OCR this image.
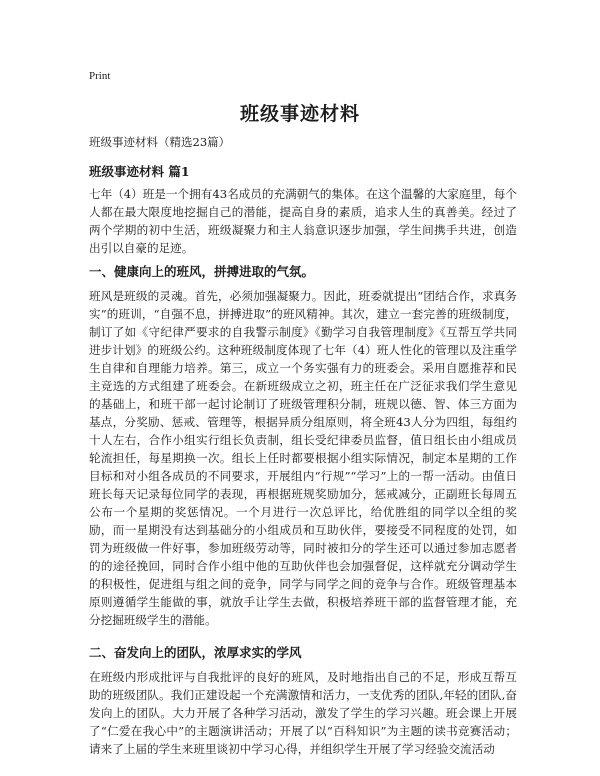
Print
班级事迹材料

班级事迹材料（精选23篇）

班级事迹材料 篇1

七年（4）班是一个拥有43名成员的充满朝气的集体。在这个温馨的大家庭里，每个人都在最大限度地挖掘自己的潜能，提高自身的素质，追求人生的真善美。经过了两个学期的初中生活，班级凝聚力和主人翁意识逐步加强，学生间携手共进，创造出引以自豪的足迹。

一、健康向上的班风，拼搏进取的气氛。

班风是班级的灵魂。首先，必须加强凝聚力。因此，班委就提出“团结合作，求真务实”的班训，“自强不息，拼搏进取”的班风精神。其次，建立一套完善的班级制度，制订了如《守纪律严要求的自我警示制度》《勤学习自我管理制度》《互帮互学共同进步计划》的班级公约。这种班级制度体现了七年（4）班人性化的管理以及注重学生自律和自理能力培养。第三，成立一个务实强有力的班委会。采用自愿推荐和民主竞选的方式组建了班委会。在新班级成立之初，班主任在广泛征求我们学生意见的基础上，和班干部一起讨论制订了班级管理积分制，班规以德、智、体三方面为基点，分奖励、惩戒、管理等，根据异质分组原则，将全班43人分为四组，每组约十人左右，合作小组实行组长负责制，组长受纪律委员监督，值日组长由小组成员轮流担任，每星期换一次。组长上任时都要根据小组实际情况，制定本星期的工作目标和对小组各成员的不同要求，开展组内“行规”“学习”上的一帮一活动。由值日班长每天记录每位同学的表现，再根据班规奖励加分，惩戒减分，正副班长每周五公布一个星期的奖惩情况。一个月进行一次总评比，给优胜组的同学以全组的奖励，而一星期没有达到基础分的小组成员和互助伙伴，要接受不同程度的处罚，如罚为班级做一件好事，参加班级劳动等，同时被扣分的学生还可以通过参加志愿者的的途径挽回，同时合作小组中他的互助伙伴也会加强督促，这样就充分调动学生的积极性，促进组与组之间的竞争，同学与同学之间的竞争与合作。班级管理基本原则遵循学生能做的事，就放手让学生去做，积极培养班干部的监督管理才能，充分挖掘班级学生的潜能。

二、奋发向上的团队，浓厚求实的学风

在班级内形成批评与自我批评的良好的班风，及时地指出自己的不足，形成互帮互助的班级团队。我们正建设起一个充满激情和活力，一支优秀的团队,年轻的团队,奋发向上的团队。大力开展了各种学习活动，激发了学生的学习兴趣。班会课上开展了“仁爱在我心中”的主题演讲活动；开展了以“百科知识”为主题的读书竞赛活动；请来了上届的学生来班里谈初中学习心得，并组织学生开展了学习经验交流活动
